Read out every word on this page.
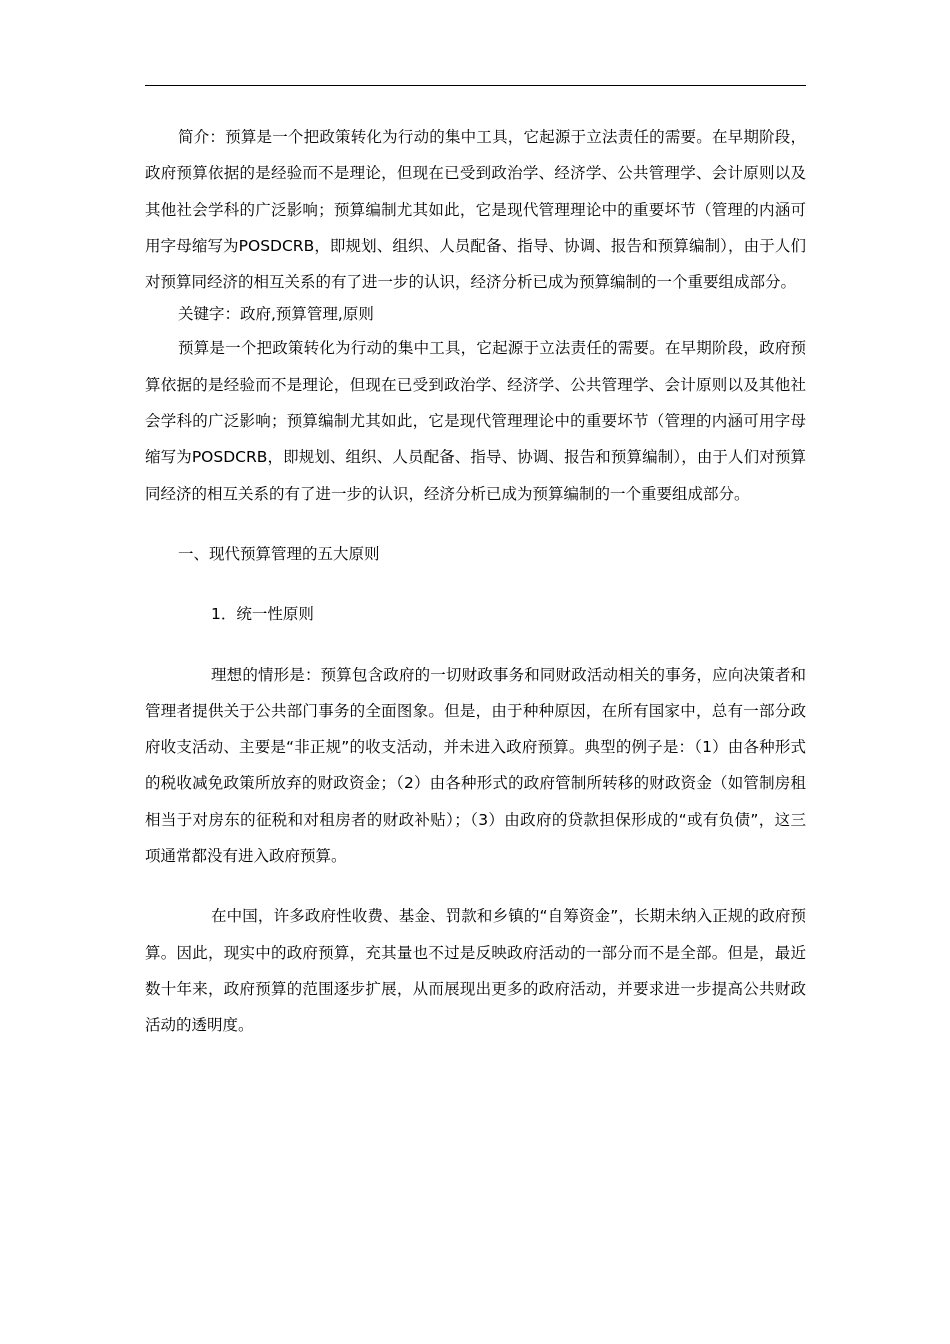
简介：预算是一个把政策转化为行动的集中工具，它起源于立法责任的需要。在早期阶段，政府预算依据的是经验而不是理论，但现在已受到政治学、经济学、公共管理学、会计原则以及其他社会学科的广泛影响；预算编制尤其如此，它是现代管理理论中的重要坏节（管理的内涵可用字母缩写为POSDCRB，即规划、组织、人员配备、指导、协调、报告和预算编制），由于人们对预算同经济的相互关系的有了进一步的认识，经济分析已成为预算编制的一个重要组成部分。

关键字：政府,预算管理,原则

预算是一个把政策转化为行动的集中工具，它起源于立法责任的需要。在早期阶段，政府预算依据的是经验而不是理论，但现在已受到政治学、经济学、公共管理学、会计原则以及其他社会学科的广泛影响；预算编制尤其如此，它是现代管理理论中的重要坏节（管理的内涵可用字母缩写为POSDCRB，即规划、组织、人员配备、指导、协调、报告和预算编制），由于人们对预算同经济的相互关系的有了进一步的认识，经济分析已成为预算编制的一个重要组成部分。

一、现代预算管理的五大原则

1．统一性原则

理想的情形是：预算包含政府的一切财政事务和同财政活动相关的事务，应向决策者和管理者提供关于公共部门事务的全面图象。但是，由于种种原因，在所有国家中，总有一部分政府收支活动、主要是“非正规”的收支活动，并未进入政府预算。典型的例子是：（1）由各种形式的税收减免政策所放弃的财政资金；（2）由各种形式的政府管制所转移的财政资金（如管制房租相当于对房东的征税和对租房者的财政补贴）；（3）由政府的贷款担保形成的“或有负债”，这三项通常都没有进入政府预算。

在中国，许多政府性收费、基金、罚款和乡镇的“自筹资金”，长期未纳入正规的政府预算。因此，现实中的政府预算，充其量也不过是反映政府活动的一部分而不是全部。但是，最近数十年来，政府预算的范围逐步扩展，从而展现出更多的政府活动，并要求进一步提高公共财政活动的透明度。
